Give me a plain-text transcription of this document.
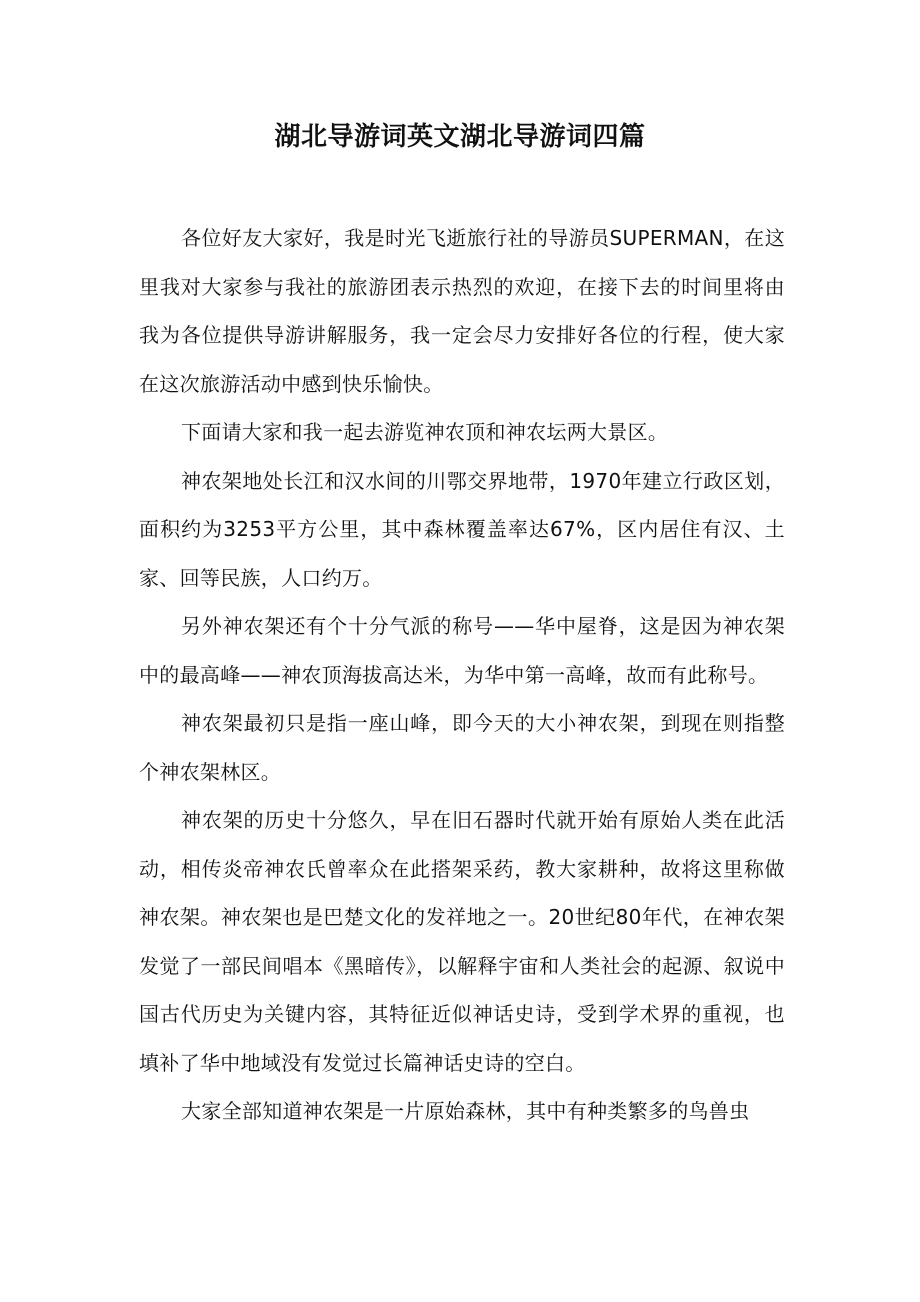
湖北导游词英文湖北导游词四篇

各位好友大家好，我是时光飞逝旅行社的导游员SUPERMAN，在这里我对大家参与我社的旅游团表示热烈的欢迎，在接下去的时间里将由我为各位提供导游讲解服务，我一定会尽力安排好各位的行程，使大家在这次旅游活动中感到快乐愉快。

下面请大家和我一起去游览神农顶和神农坛两大景区。

神农架地处长江和汉水间的川鄂交界地带，1970年建立行政区划，面积约为3253平方公里，其中森林覆盖率达67%，区内居住有汉、土家、回等民族，人口约万。

另外神农架还有个十分气派的称号——华中屋脊，这是因为神农架中的最高峰——神农顶海拔高达米，为华中第一高峰，故而有此称号。

神农架最初只是指一座山峰，即今天的大小神农架，到现在则指整个神农架林区。

神农架的历史十分悠久，早在旧石器时代就开始有原始人类在此活动，相传炎帝神农氏曾率众在此搭架采药，教大家耕种，故将这里称做神农架。神农架也是巴楚文化的发祥地之一。20世纪80年代，在神农架发觉了一部民间唱本《黑暗传》，以解释宇宙和人类社会的起源、叙说中国古代历史为关键内容，其特征近似神话史诗，受到学术界的重视，也填补了华中地域没有发觉过长篇神话史诗的空白。

大家全部知道神农架是一片原始森林，其中有种类繁多的鸟兽虫
